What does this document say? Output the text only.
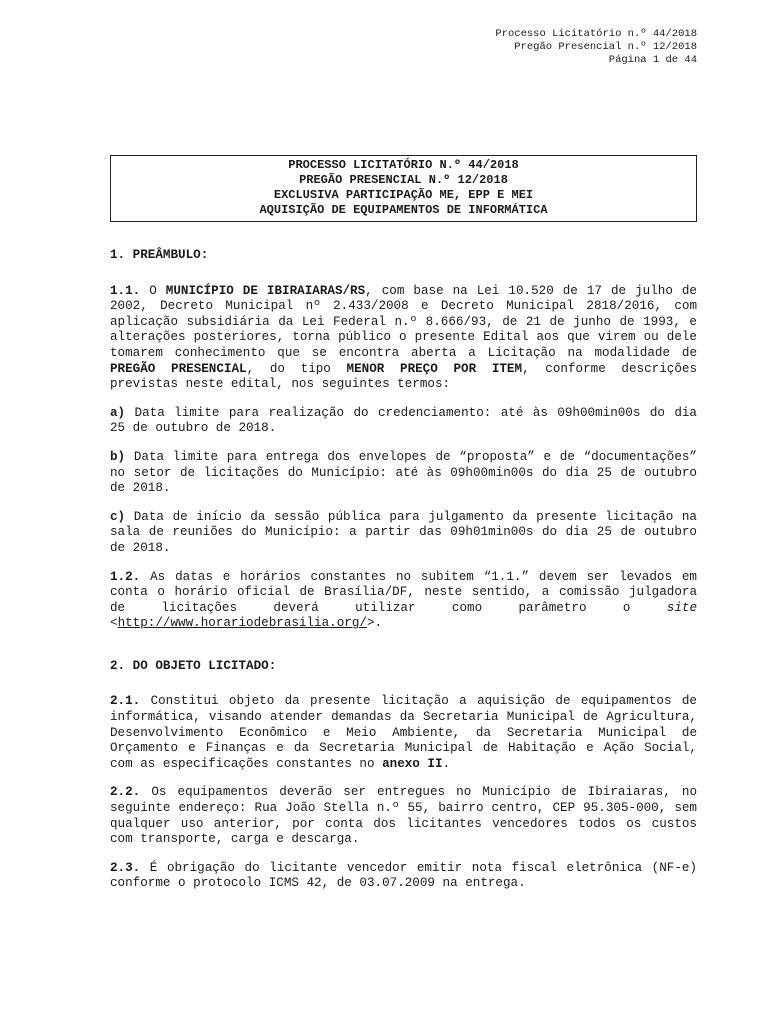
Processo Licitatório n.º 44/2018
Pregão Presencial n.º 12/2018
Página 1 de 44
PROCESSO LICITATÓRIO N.º 44/2018
PREGÃO PRESENCIAL N.º 12/2018
EXCLUSIVA PARTICIPAÇÃO ME, EPP E MEI
AQUISIÇÃO DE EQUIPAMENTOS DE INFORMÁTICA

1. PREÂMBULO:

1.1. O MUNICÍPIO DE IBIRAIARAS/RS, com base na Lei 10.520 de 17 de julho de 2002, Decreto Municipal nº 2.433/2008 e Decreto Municipal 2818/2016, com aplicação subsidiária da Lei Federal n.º 8.666/93, de 21 de junho de 1993, e alterações posteriores, torna público o presente Edital aos que virem ou dele tomarem conhecimento que se encontra aberta a Licitação na modalidade de PREGÃO PRESENCIAL, do tipo MENOR PREÇO POR ITEM, conforme descrições previstas neste edital, nos seguintes termos:

a) Data limite para realização do credenciamento: até às 09h00min00s do dia 25 de outubro de 2018.

b) Data limite para entrega dos envelopes de “proposta” e de “documentações” no setor de licitações do Município: até às 09h00min00s do dia 25 de outubro de 2018.

c) Data de início da sessão pública para julgamento da presente licitação na sala de reuniões do Município: a partir das 09h01min00s do dia 25 de outubro de 2018.

1.2. As datas e horários constantes no subitem “1.1.” devem ser levados em conta o horário oficial de Brasília/DF, neste sentido, a comissão julgadora de licitações deverá utilizar como parâmetro o site <http://www.horariodebrasilia.org/>.

2. DO OBJETO LICITADO:

2.1. Constitui objeto da presente licitação a aquisição de equipamentos de informática, visando atender demandas da Secretaria Municipal de Agricultura, Desenvolvimento Econômico e Meio Ambiente, da Secretaria Municipal de Orçamento e Finanças e da Secretaria Municipal de Habitação e Ação Social, com as especificações constantes no anexo II.

2.2. Os equipamentos deverão ser entregues no Município de Ibiraiaras, no seguinte endereço: Rua João Stella n.º 55, bairro centro, CEP 95.305-000, sem qualquer uso anterior, por conta dos licitantes vencedores todos os custos com transporte, carga e descarga.

2.3. É obrigação do licitante vencedor emitir nota fiscal eletrônica (NF-e) conforme o protocolo ICMS 42, de 03.07.2009 na entrega.
